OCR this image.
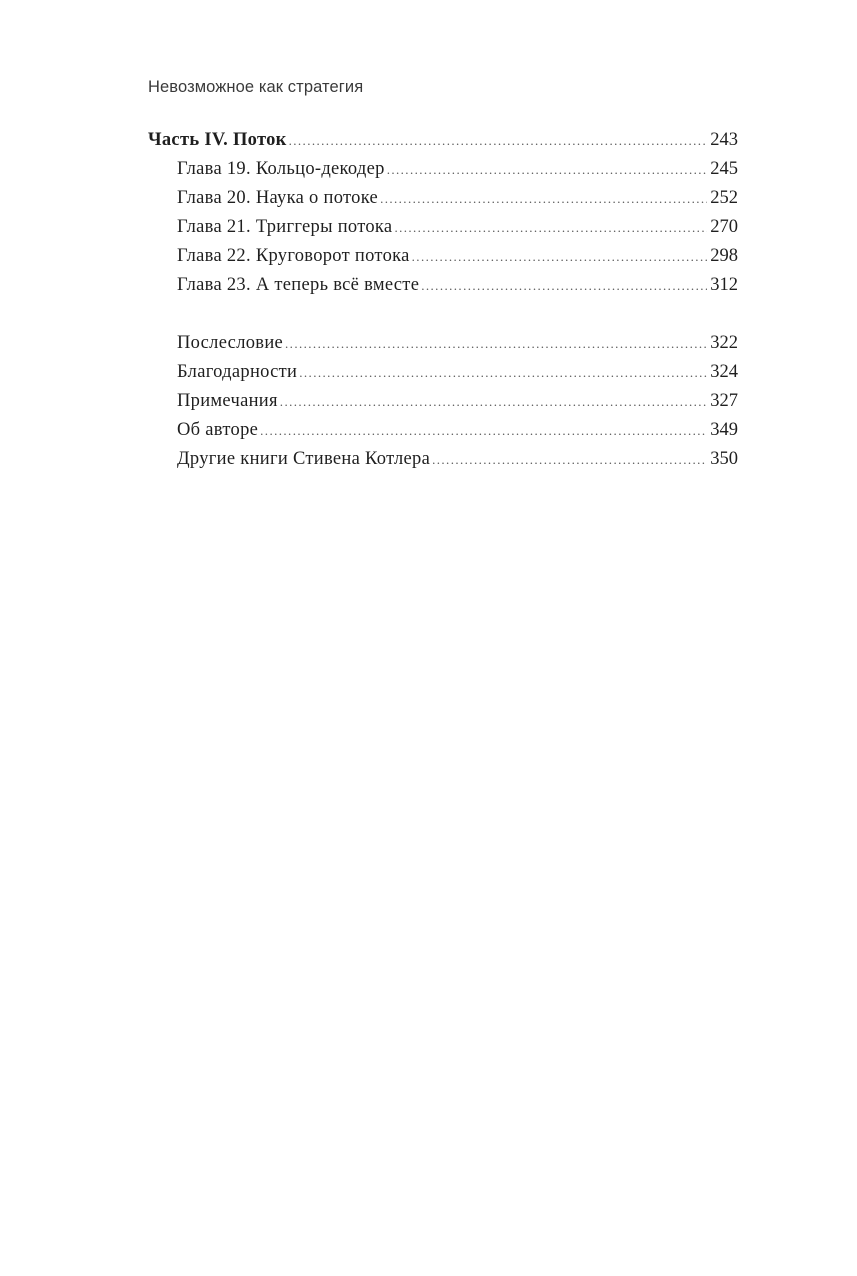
Невозможное как стратегия
Часть IV. Поток .....	243
Глава 19. Кольцо-декодер .....	245
Глава 20. Наука о потоке .....	252
Глава 21. Триггеры потока .....	270
Глава 22. Круговорот потока .....	298
Глава 23. А теперь всё вместе .....	312
Послесловие .....	322
Благодарности .....	324
Примечания .....	327
Об авторе .....	349
Другие книги Стивена Котлера .....	350
